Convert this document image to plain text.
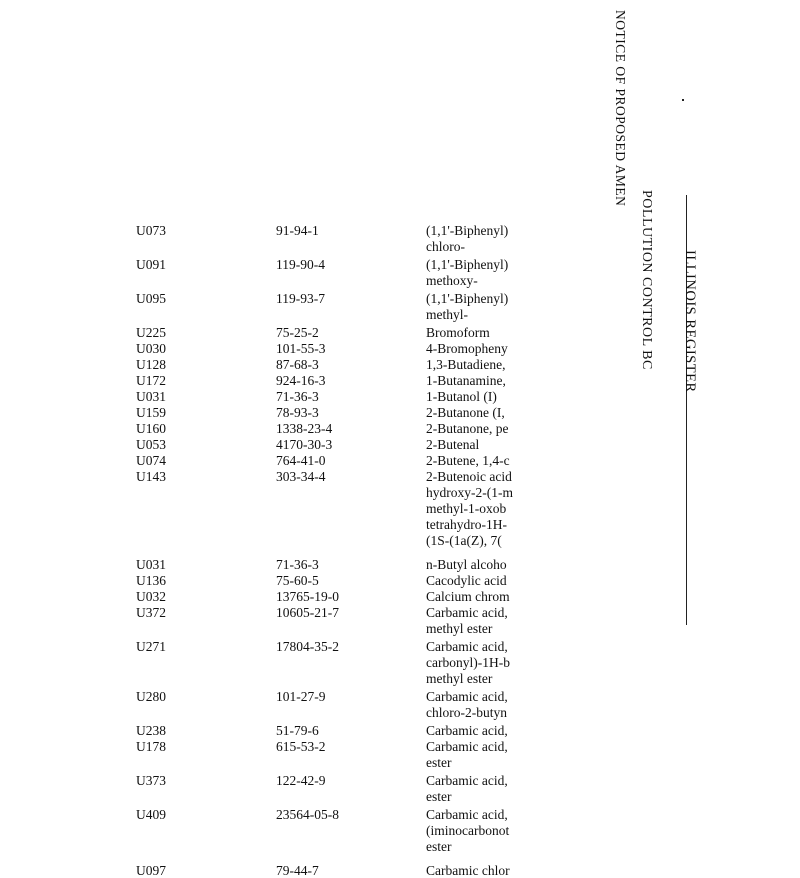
ILLINOIS REGISTER
POLLUTION CONTROL BC
NOTICE OF PROPOSED AMEN
U073	91-94-1	(1,1'-Biphenyl)
chloro-
U091	119-90-4	(1,1'-Biphenyl)
methoxy-
U095	119-93-7	(1,1'-Biphenyl)
methyl-
U225	75-25-2	Bromoform
U030	101-55-3	4-Bromopheny
U128	87-68-3	1,3-Butadiene,
U172	924-16-3	1-Butanamine,
U031	71-36-3	1-Butanol (I)
U159	78-93-3	2-Butanone (I,
U160	1338-23-4	2-Butanone, pe
U053	4170-30-3	2-Butenal
U074	764-41-0	2-Butene, 1,4-c
U143	303-34-4	2-Butenoic acid
hydroxy-2-(1-m
methyl-1-oxob
tetrahydro-1H-
(1S-(1a(Z), 7(
U031	71-36-3	n-Butyl alcoho
U136	75-60-5	Cacodylic acid
U032	13765-19-0	Calcium chrom
U372	10605-21-7	Carbamic acid,
methyl ester
U271	17804-35-2	Carbamic acid,
carbonyl)-1H-b
methyl ester
U280	101-27-9	Carbamic acid,
chloro-2-butyn
U238	51-79-6	Carbamic acid,
U178	615-53-2	Carbamic acid,
ester
U373	122-42-9	Carbamic acid,
ester
U409	23564-05-8	Carbamic acid,
(iminocarbonot
ester
U097	79-44-7	Carbamic chlor
